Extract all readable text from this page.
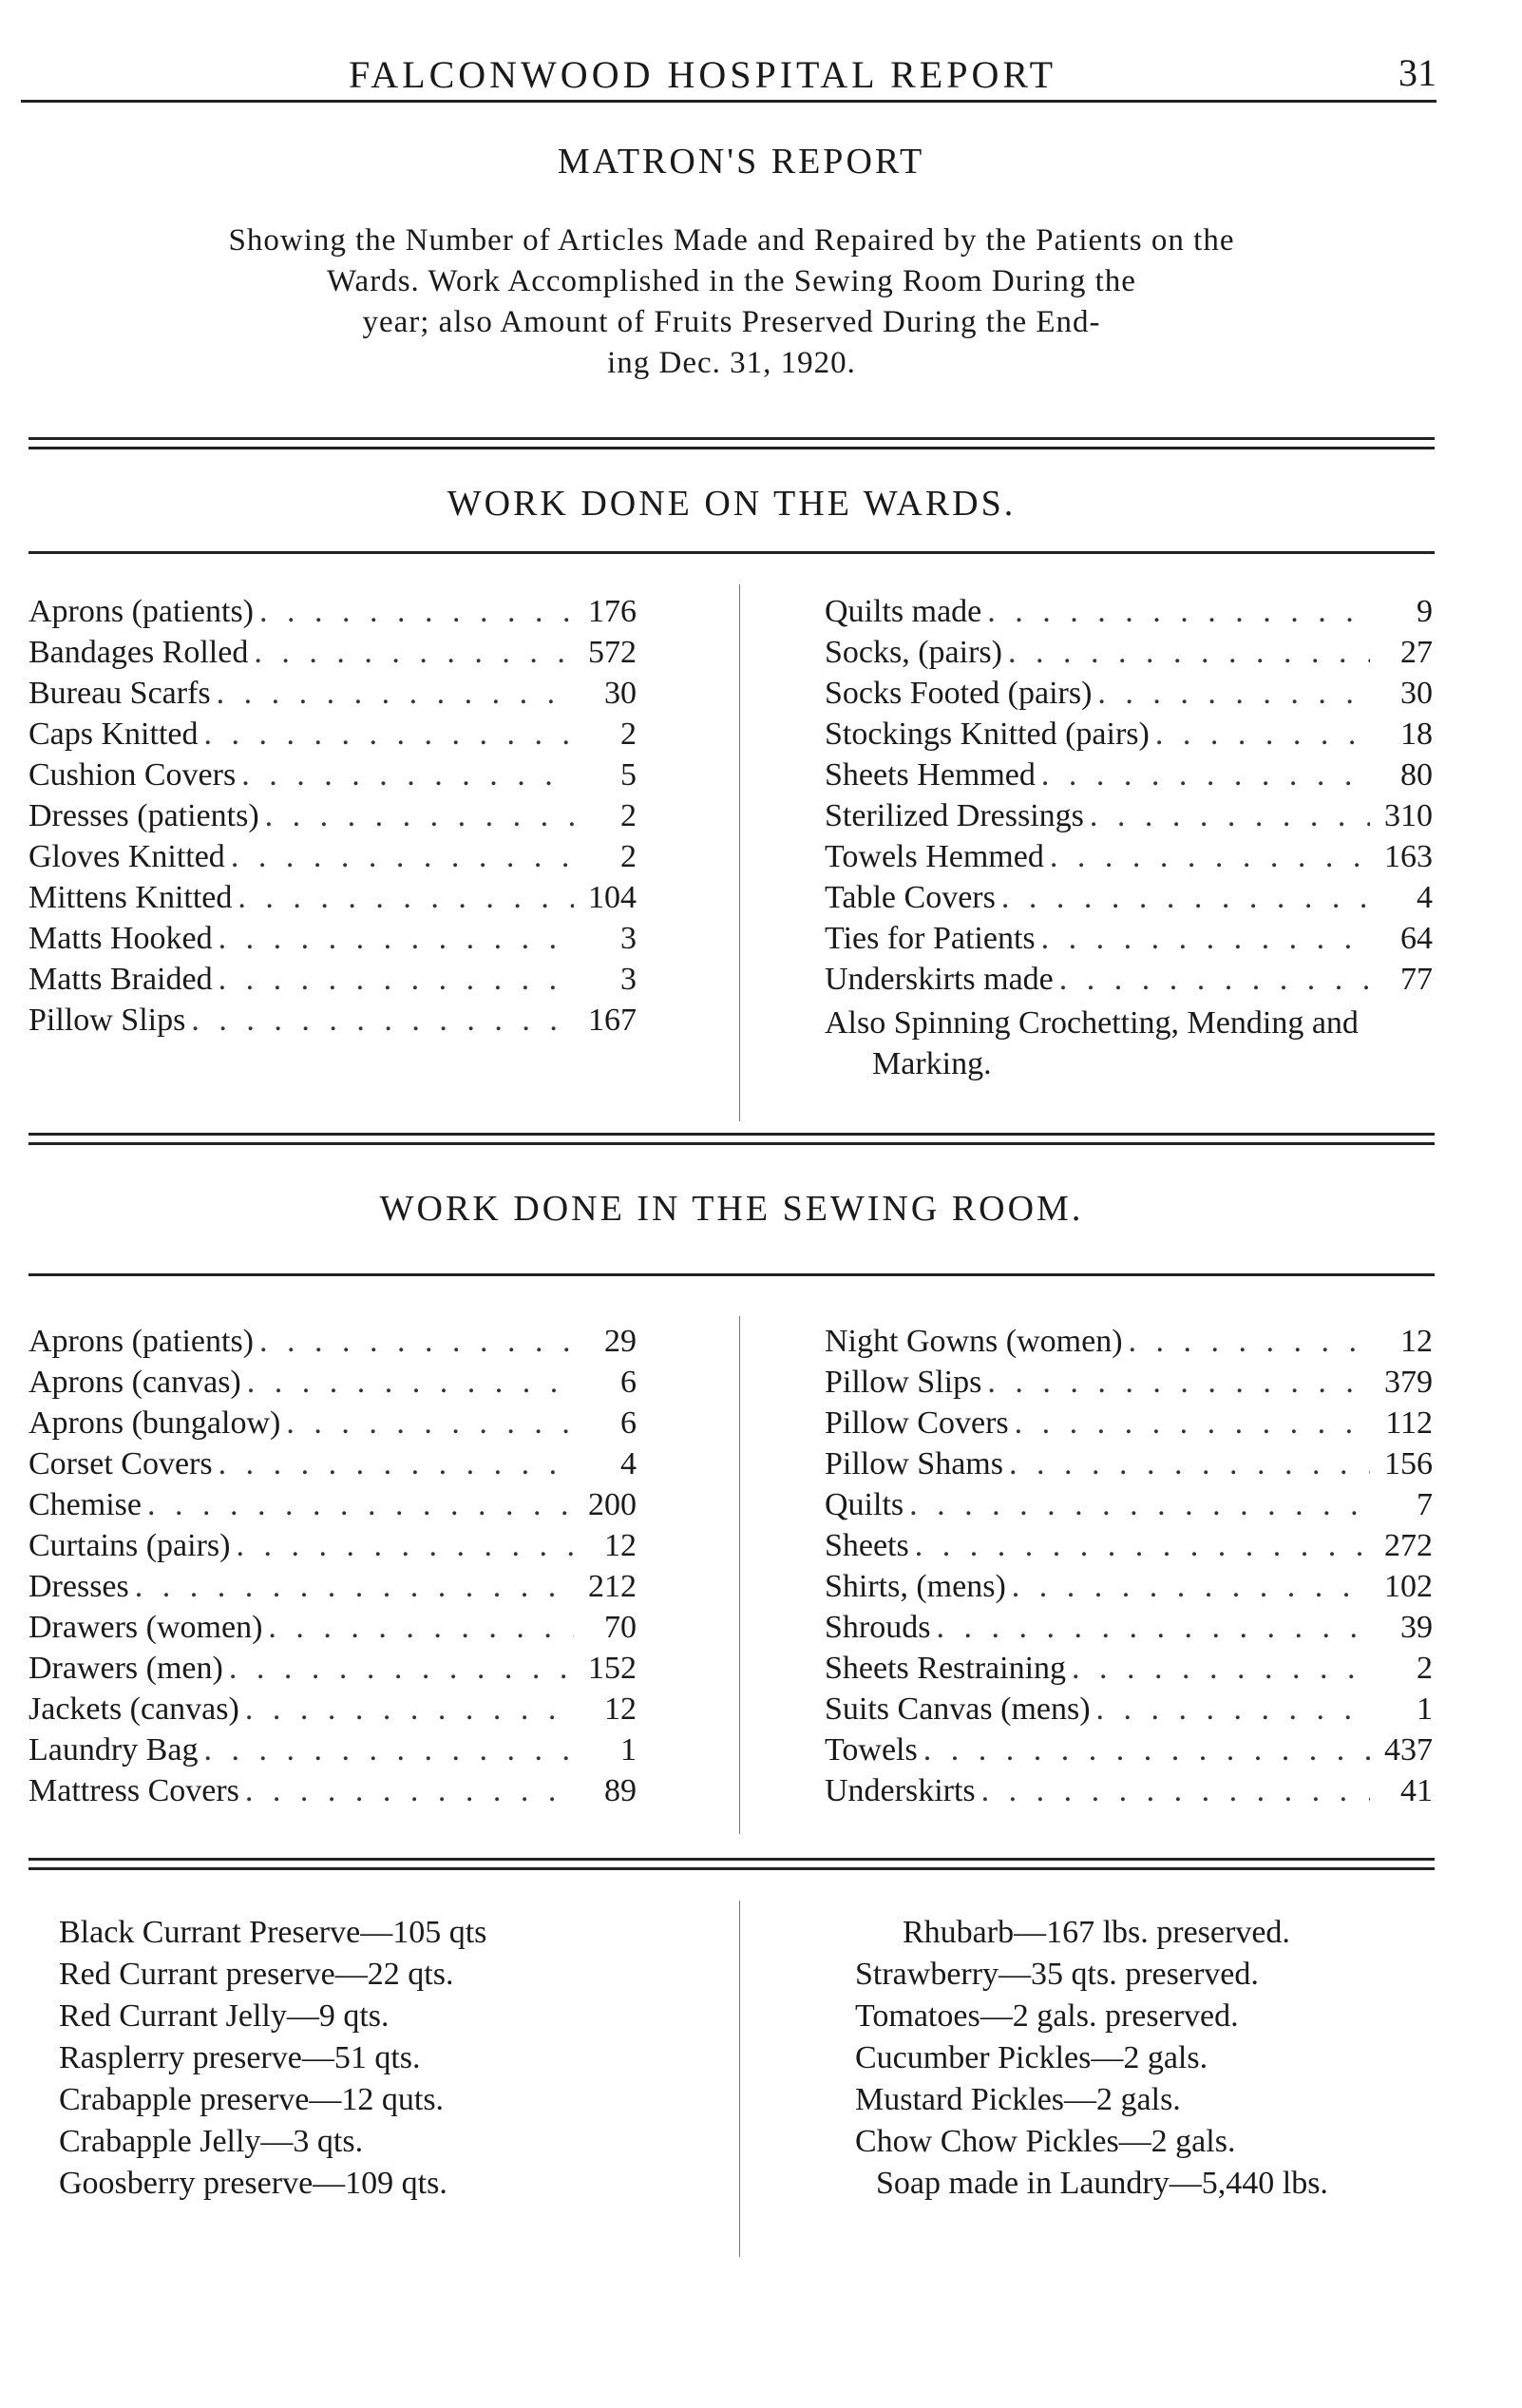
FALCONWOOD HOSPITAL REPORT	31
MATRON'S REPORT
Showing the Number of Articles Made and Repaired by the Patients on the
Wards. Work Accomplished in the Sewing Room During the
year; also Amount of Fruits Preserved During the End-
ing Dec. 31, 1920.
WORK DONE ON THE WARDS.
Aprons (patients) . . .	176
Bandages Rolled . . .	572
Bureau Scarfs . . .	30
Caps Knitted . . .	2
Cushion Covers . . .	5
Dresses (patients) . . .	2
Gloves Knitted . . .	2
Mittens Knitted . . .	104
Matts Hooked . . .	3
Matts Braided . . .	3
Pillow Slips . . .	167
Quilts made . . .	9
Socks, (pairs) . . .	27
Socks Footed (pairs) . . .	30
Stockings Knitted (pairs) . . .	18
Sheets Hemmed . . .	80
Sterilized Dressings . . .	310
Towels Hemmed . . .	163
Table Covers . . .	4
Ties for Patients . . .	64
Underskirts made . . .	77
Also Spinning Crochetting, Mending and Marking.
WORK DONE IN THE SEWING ROOM.
Aprons (patients) . . .	29
Aprons (canvas) . . .	6
Aprons (bungalow) . . .	6
Corset Covers . . .	4
Chemise . . .	200
Curtains (pairs) . . .	12
Dresses . . .	212
Drawers (women) . . .	70
Drawers (men) . . .	152
Jackets (canvas) . . .	12
Laundry Bag . . .	1
Mattress Covers . . .	89
Night Gowns (women) . . .	12
Pillow Slips . . .	379
Pillow Covers . . .	112
Pillow Shams . . .	156
Quilts . . .	7
Sheets . . .	272
Shirts, (mens) . . .	102
Shrouds . . .	39
Sheets Restraining . . .	2
Suits Canvas (mens) . . .	1
Towels . . .	437
Underskirts . . .	41
Black Currant Preserve—105 qts
Red Currant preserve—22 qts.
Red Currant Jelly—9 qts.
Rasplerry preserve—51 qts.
Crabapple preserve—12 quts.
Crabapple Jelly—3 qts.
Goosberry preserve—109 qts.
Rhubarb—167 lbs. preserved.
Strawberry—35 qts. preserved.
Tomatoes—2 gals. preserved.
Cucumber Pickles—2 gals.
Mustard Pickles—2 gals.
Chow Chow Pickles—2 gals.
Soap made in Laundry—5,440 lbs.
